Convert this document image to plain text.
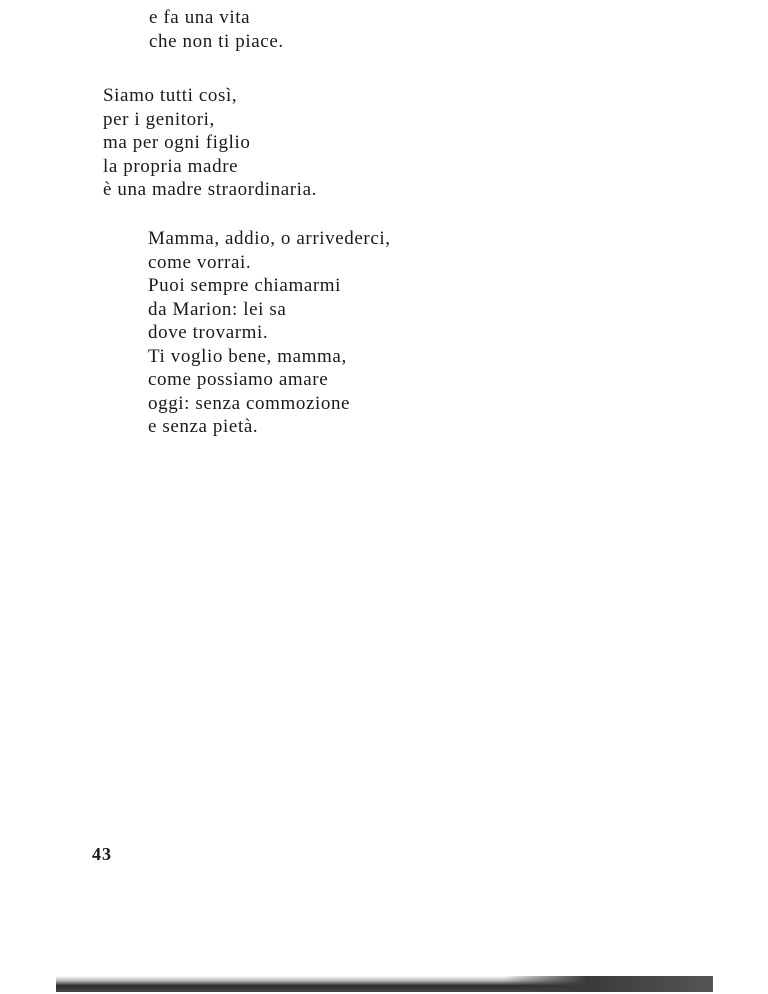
e fa una vita
che non ti piace.
Siamo tutti così,
per i genitori,
ma per ogni figlio
la propria madre
è una madre straordinaria.
Mamma, addio, o arrivederci,
come vorrai.
Puoi sempre chiamarmi
da Marion: lei sa
dove trovarmi.
Ti voglio bene, mamma,
come possiamo amare
oggi: senza commozione
e senza pietà.
43
